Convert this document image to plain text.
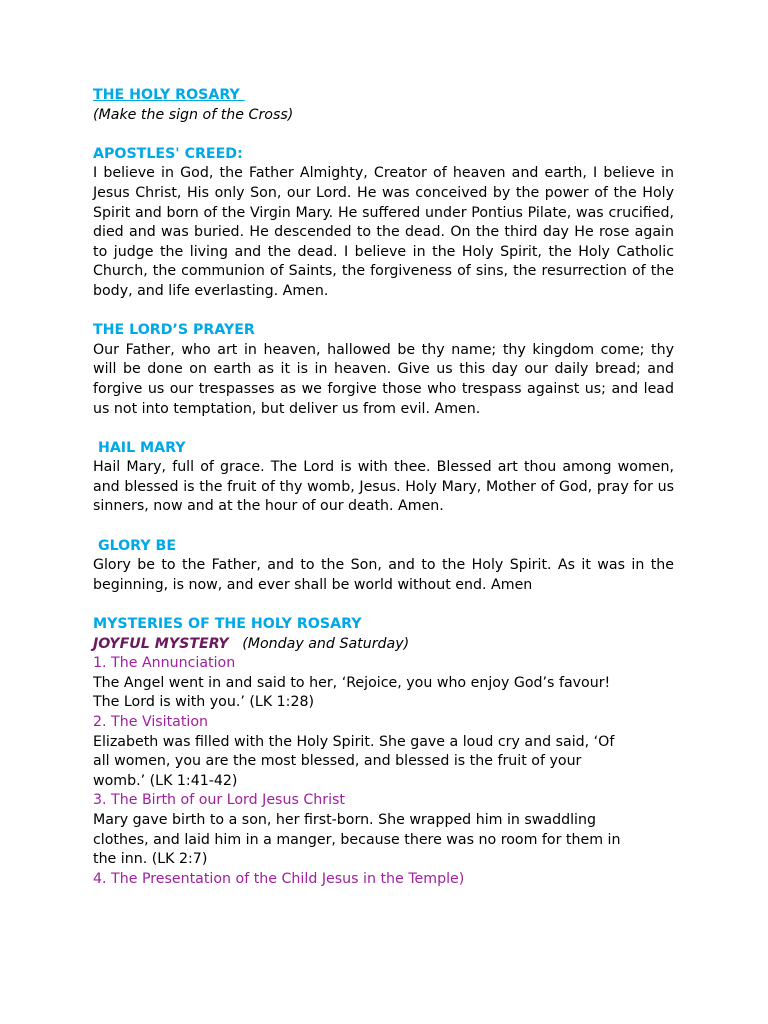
THE HOLY ROSARY
(Make the sign of the Cross)
APOSTLES' CREED:
I believe in God, the Father Almighty, Creator of heaven and earth, I believe in Jesus Christ, His only Son, our Lord. He was conceived by the power of the Holy Spirit and born of the Virgin Mary. He suffered under Pontius Pilate, was crucified, died and was buried. He descended to the dead. On the third day He rose again to judge the living and the dead. I believe in the Holy Spirit, the Holy Catholic Church, the communion of Saints, the forgiveness of sins, the resurrection of the body, and life everlasting. Amen.
THE LORD’S PRAYER
Our Father, who art in heaven, hallowed be thy name; thy kingdom come; thy will be done on earth as it is in heaven. Give us this day our daily bread; and forgive us our trespasses as we forgive those who trespass against us; and lead us not into temptation, but deliver us from evil. Amen.
HAIL MARY
Hail Mary, full of grace. The Lord is with thee. Blessed art thou among women, and blessed is the fruit of thy womb, Jesus. Holy Mary, Mother of God, pray for us sinners, now and at the hour of our death. Amen.
GLORY BE
Glory be to the Father, and to the Son, and to the Holy Spirit. As it was in the beginning, is now, and ever shall be world without end. Amen
MYSTERIES OF THE HOLY ROSARY
JOYFUL MYSTERY (Monday and Saturday)
1. The Annunciation
The Angel went in and said to her, ‘Rejoice, you who enjoy God’s favour!
The Lord is with you.’ (LK 1:28)
2. The Visitation
Elizabeth was filled with the Holy Spirit. She gave a loud cry and said, ‘Of
all women, you are the most blessed, and blessed is the fruit of your
womb.’ (LK 1:41-42)
3. The Birth of our Lord Jesus Christ
Mary gave birth to a son, her first-born. She wrapped him in swaddling
clothes, and laid him in a manger, because there was no room for them in
the inn. (LK 2:7)
4. The Presentation of the Child Jesus in the Temple)
